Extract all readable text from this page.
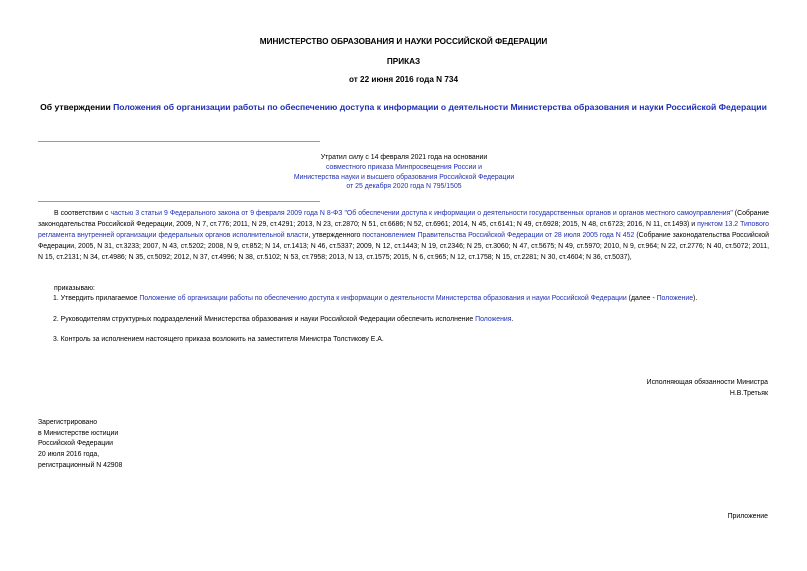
МИНИСТЕРСТВО ОБРАЗОВАНИЯ И НАУКИ РОССИЙСКОЙ ФЕДЕРАЦИИ
ПРИКАЗ
от 22 июня 2016 года N 734
Об утверждении Положения об организации работы по обеспечению доступа к информации о деятельности Министерства образования и науки Российской Федерации
Утратил силу с 14 февраля 2021 года на основании
совместного приказа Минпросвещения России и
Министерства науки и высшего образования Российской Федерации
от 25 декабря 2020 года N 795/1505
В соответствии с частью 3 статьи 9 Федерального закона от 9 февраля 2009 года N 8-ФЗ "Об обеспечении доступа к информации о деятельности государственных органов и органов местного самоуправления" (Собрание законодательства Российской Федерации, 2009, N 7, ст.776; 2011, N 29, ст.4291; 2013, N 23, ст.2870; N 51, ст.6686; N 52, ст.6961; 2014, N 45, ст.6141; N 49, ст.6928; 2015, N 48, ст.6723; 2016, N 11, ст.1493) и пунктом 13.2 Типового регламента внутренней организации федеральных органов исполнительной власти, утвержденного постановлением Правительства Российской Федерации от 28 июля 2005 года N 452 (Собрание законодательства Российской Федерации, 2005, N 31, ст.3233; 2007, N 43, ст.5202; 2008, N 9, ст.852; N 14, ст.1413; N 46, ст.5337; 2009, N 12, ст.1443; N 19, ст.2346; N 25, ст.3060; N 47, ст.5675; N 49, ст.5970; 2010, N 9, ст.964; N 22, ст.2776; N 40, ст.5072; 2011, N 15, ст.2131; N 34, ст.4986; N 35, ст.5092; 2012, N 37, ст.4996; N 38, ст.5102; N 53, ст.7958; 2013, N 13, ст.1575; 2015, N 6, ст.965; N 12, ст.1758; N 15, ст.2281; N 30, ст.4604; N 36, ст.5037),
приказываю:
1. Утвердить прилагаемое Положение об организации работы по обеспечению доступа к информации о деятельности Министерства образования и науки Российской Федерации (далее - Положение).
2. Руководителям структурных подразделений Министерства образования и науки Российской Федерации обеспечить исполнение Положения.
3. Контроль за исполнением настоящего приказа возложить на заместителя Министра Толстикову Е.А.
Исполняющая обязанности Министра
Н.В.Третьяк
Зарегистрировано
в Министерстве юстиции
Российской Федерации
20 июля 2016 года,
регистрационный N 42908
Приложение
